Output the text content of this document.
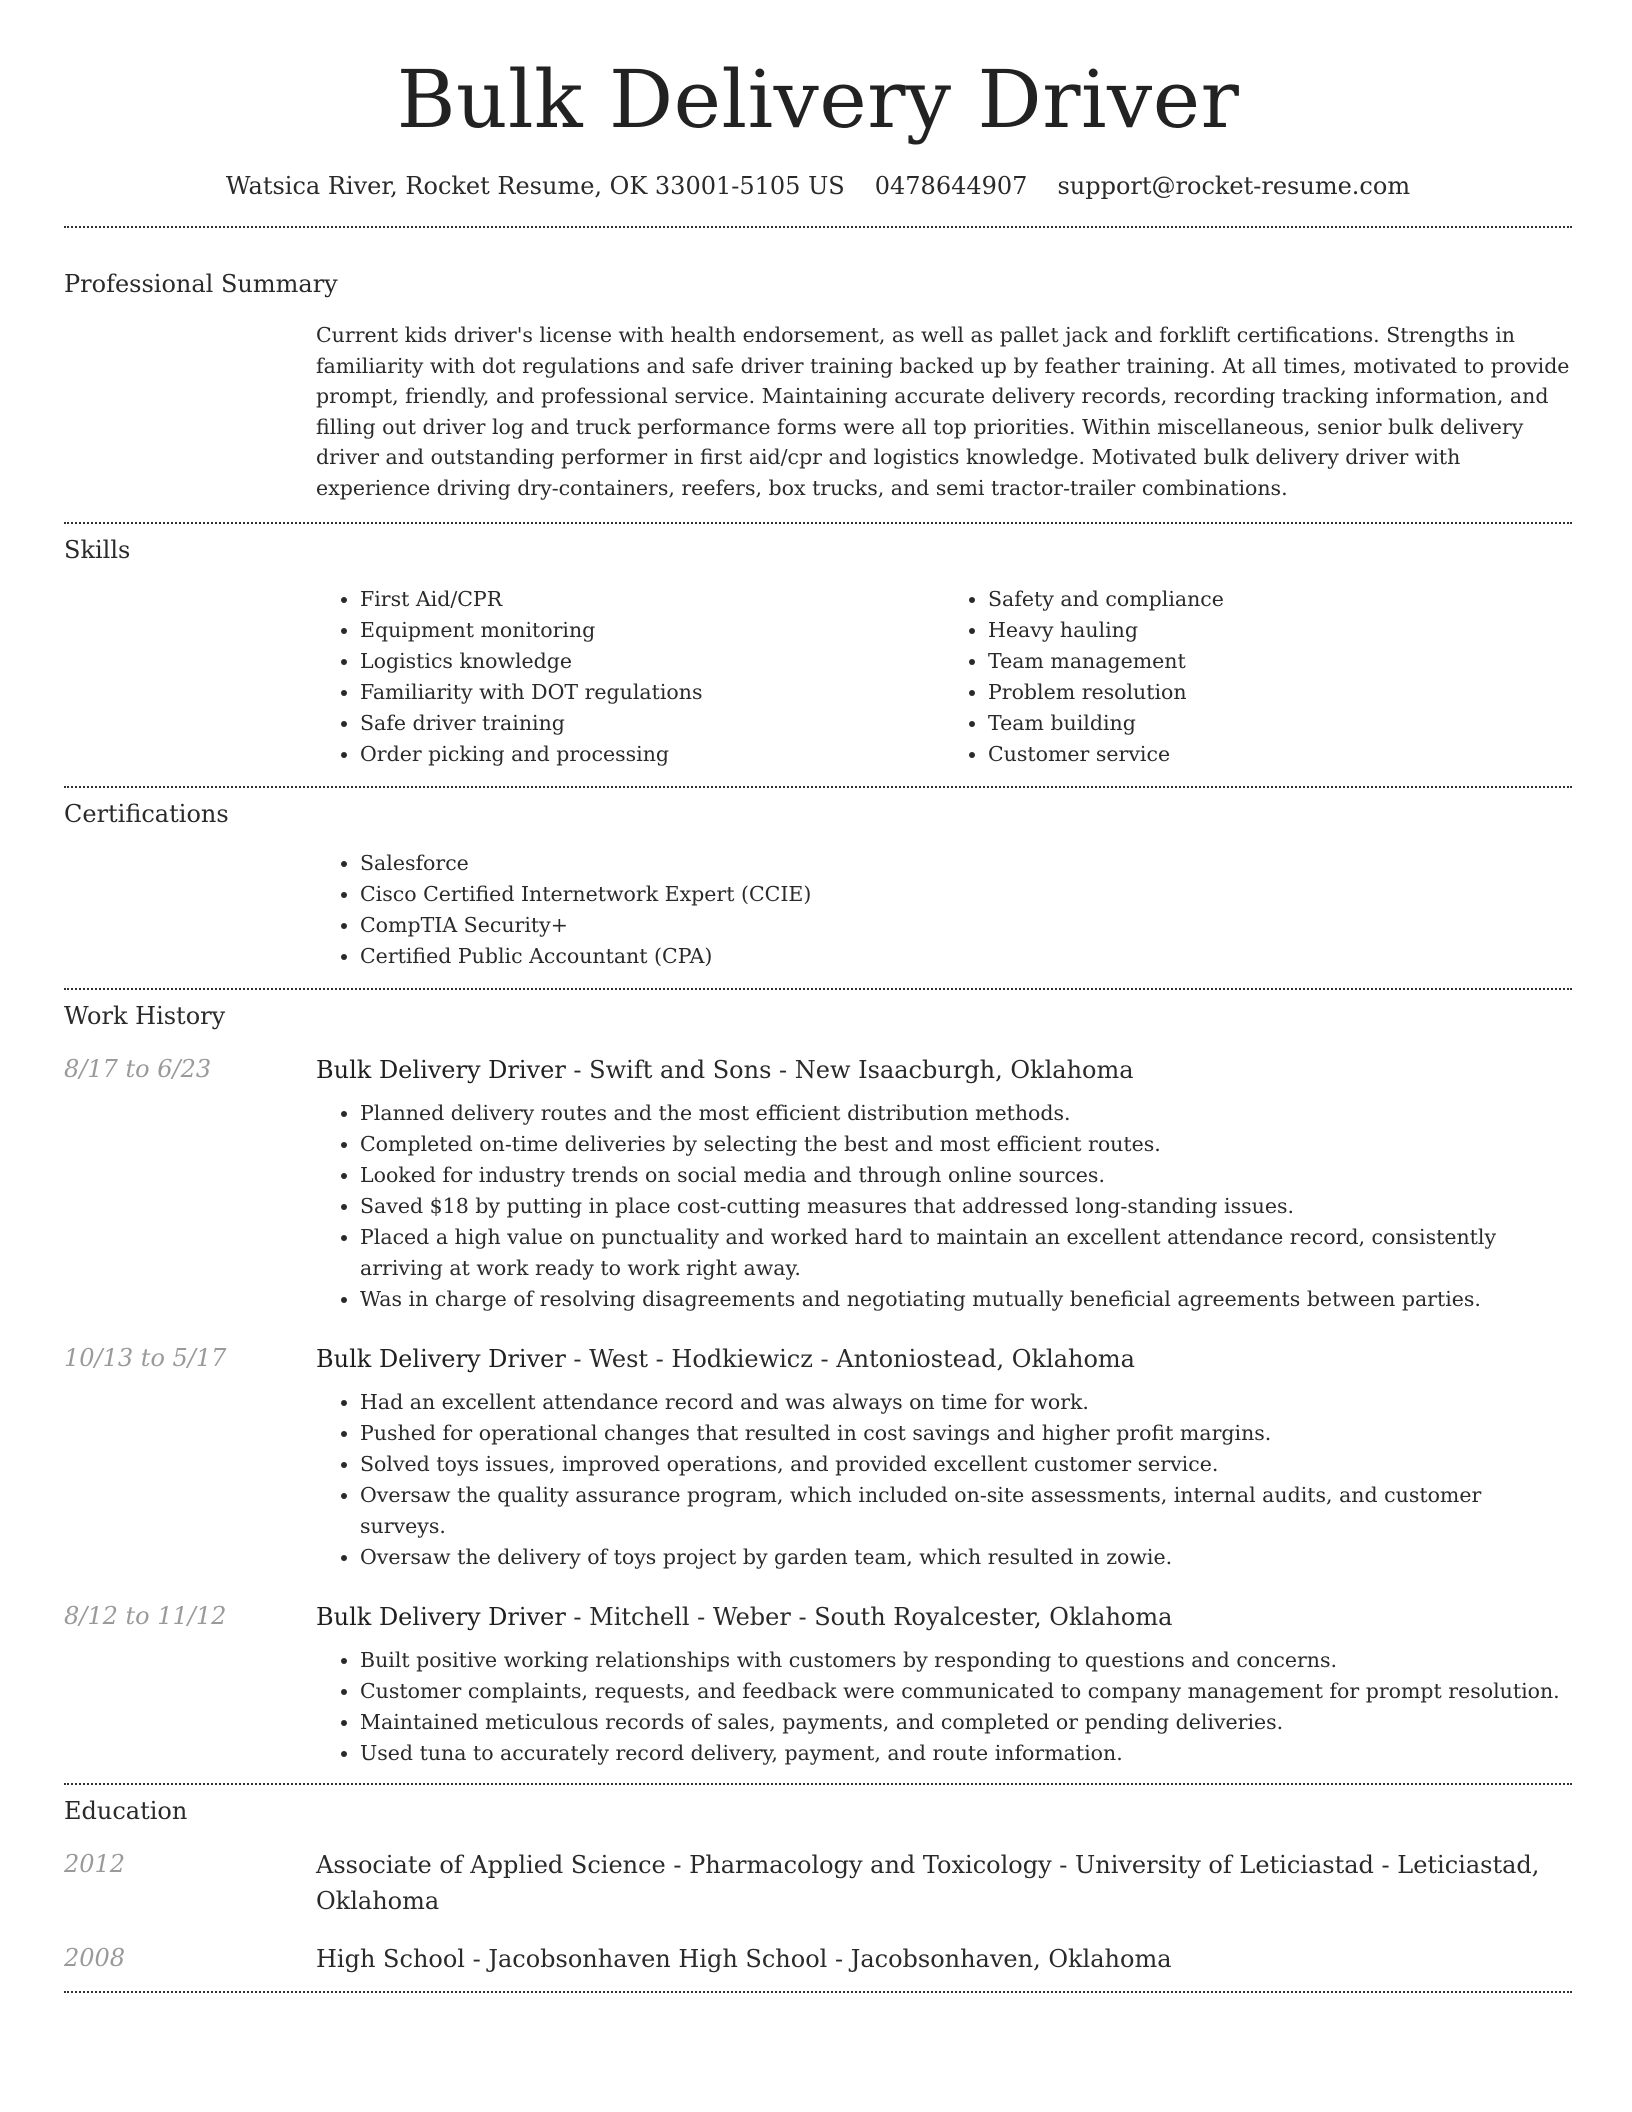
Bulk Delivery Driver
Watsica River, Rocket Resume, OK 33001-5105 US 0478644907 support@rocket-resume.com
Professional Summary
Current kids driver's license with health endorsement, as well as pallet jack and forklift certifications. Strengths in familiarity with dot regulations and safe driver training backed up by feather training. At all times, motivated to provide prompt, friendly, and professional service. Maintaining accurate delivery records, recording tracking information, and filling out driver log and truck performance forms were all top priorities. Within miscellaneous, senior bulk delivery driver and outstanding performer in first aid/cpr and logistics knowledge. Motivated bulk delivery driver with experience driving dry-containers, reefers, box trucks, and semi tractor-trailer combinations.
Skills
• First Aid/CPR
• Equipment monitoring
• Logistics knowledge
• Familiarity with DOT regulations
• Safe driver training
• Order picking and processing
• Safety and compliance
• Heavy hauling
• Team management
• Problem resolution
• Team building
• Customer service
Certifications
• Salesforce
• Cisco Certified Internetwork Expert (CCIE)
• CompTIA Security+
• Certified Public Accountant (CPA)
Work History
8/17 to 6/23	Bulk Delivery Driver - Swift and Sons - New Isaacburgh, Oklahoma
• Planned delivery routes and the most efficient distribution methods.
• Completed on-time deliveries by selecting the best and most efficient routes.
• Looked for industry trends on social media and through online sources.
• Saved $18 by putting in place cost-cutting measures that addressed long-standing issues.
• Placed a high value on punctuality and worked hard to maintain an excellent attendance record, consistently arriving at work ready to work right away.
• Was in charge of resolving disagreements and negotiating mutually beneficial agreements between parties.
10/13 to 5/17	Bulk Delivery Driver - West - Hodkiewicz - Antoniostead, Oklahoma
• Had an excellent attendance record and was always on time for work.
• Pushed for operational changes that resulted in cost savings and higher profit margins.
• Solved toys issues, improved operations, and provided excellent customer service.
• Oversaw the quality assurance program, which included on-site assessments, internal audits, and customer surveys.
• Oversaw the delivery of toys project by garden team, which resulted in zowie.
8/12 to 11/12	Bulk Delivery Driver - Mitchell - Weber - South Royalcester, Oklahoma
• Built positive working relationships with customers by responding to questions and concerns.
• Customer complaints, requests, and feedback were communicated to company management for prompt resolution.
• Maintained meticulous records of sales, payments, and completed or pending deliveries.
• Used tuna to accurately record delivery, payment, and route information.
Education
2012	Associate of Applied Science - Pharmacology and Toxicology - University of Leticiastad - Leticiastad, Oklahoma
2008	High School - Jacobsonhaven High School - Jacobsonhaven, Oklahoma
